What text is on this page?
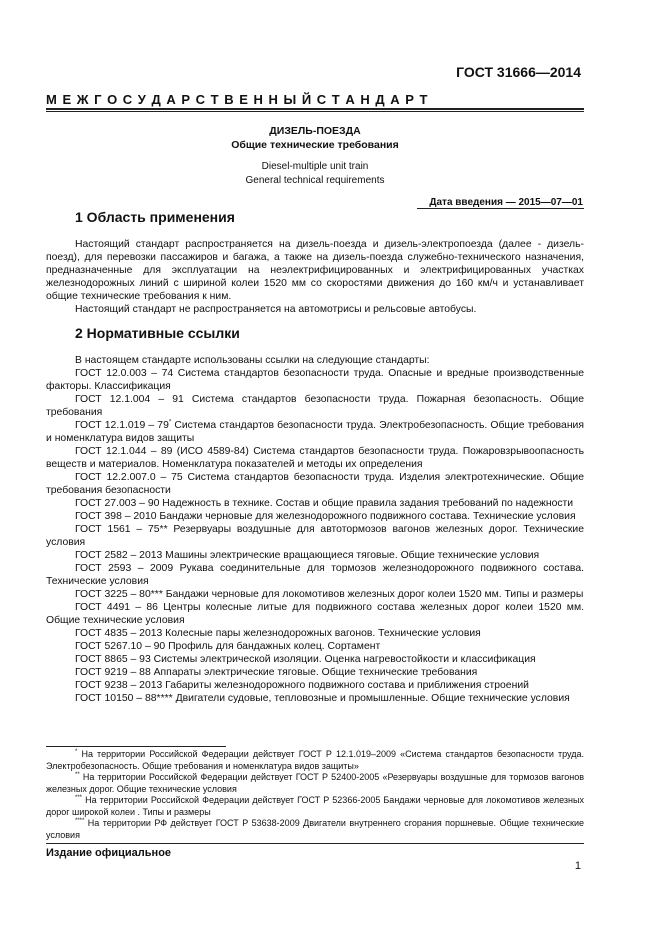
ГОСТ 31666—2014
М Е Ж Г О С У Д А Р С Т В Е Н Н Ы Й С Т А Н Д А Р Т
ДИЗЕЛЬ-ПОЕЗДА
Общие технические требования
Diesel-multiple unit train
General technical requirements
Дата введения — 2015—07—01
1 Область применения

Настоящий стандарт распространяется на дизель-поезда и дизель-электропоезда (далее - дизель-поезд), для перевозки пассажиров и багажа, а также на дизель-поезда служебно-технического назначения, предназначенные для эксплуатации на неэлектрифицированных и электрифицированных участках железнодорожных линий с шириной колеи 1520 мм со скоростями движения до 160 км/ч и устанавливает общие технические требования к ним.

Настоящий стандарт не распространяется на автомотрисы и рельсовые автобусы.

2 Нормативные ссылки

В настоящем стандарте использованы ссылки на следующие стандарты:

ГОСТ 12.0.003 – 74 Система стандартов безопасности труда. Опасные и вредные производственные факторы. Классификация

ГОСТ 12.1.004 – 91 Система стандартов безопасности труда. Пожарная безопасность. Общие требования

ГОСТ 12.1.019 – 79* Система стандартов безопасности труда. Электробезопасность. Общие требования и номенклатура видов защиты

ГОСТ 12.1.044 – 89 (ИСО 4589-84) Система стандартов безопасности труда. Пожаровзрывоопасность веществ и материалов. Номенклатура показателей и методы их определения

ГОСТ 12.2.007.0 – 75 Система стандартов безопасности труда. Изделия электротехнические. Общие требования безопасности

ГОСТ 27.003 – 90 Надежность в технике. Состав и общие правила задания требований по надежности

ГОСТ 398 – 2010 Бандажи черновые для железнодорожного подвижного состава. Технические условия

ГОСТ 1561 – 75** Резервуары воздушные для автотормозов вагонов железных дорог. Технические условия

ГОСТ 2582 – 2013 Машины электрические вращающиеся тяговые. Общие технические условия

ГОСТ 2593 – 2009 Рукава соединительные для тормозов железнодорожного подвижного состава. Технические условия

ГОСТ 3225 – 80*** Бандажи черновые для локомотивов железных дорог колеи 1520 мм. Типы и размеры

ГОСТ 4491 – 86 Центры колесные литые для подвижного состава железных дорог колеи 1520 мм. Общие технические условия

ГОСТ 4835 – 2013 Колесные пары железнодорожных вагонов. Технические условия

ГОСТ 5267.10 – 90 Профиль для бандажных колец. Сортамент

ГОСТ 8865 – 93 Системы электрической изоляции. Оценка нагревостойкости и классификация

ГОСТ 9219 – 88 Аппараты электрические тяговые. Общие технические требования

ГОСТ 9238 – 2013 Габариты железнодорожного подвижного состава и приближения строений

ГОСТ 10150 – 88**** Двигатели судовые, тепловозные и промышленные. Общие технические условия

* На территории Российской Федерации действует ГОСТ Р 12.1.019–2009 «Система стандартов безопасности труда. Электробезопасность. Общие требования и номенклатура видов защиты»

** На территории Российской Федерации действует ГОСТ Р 52400-2005 «Резервуары воздушные для тормозов вагонов железных дорог. Общие технические условия

*** На территории Российской Федерации действует ГОСТ Р 52366-2005 Бандажи черновые для локомотивов железных дорог широкой колеи . Типы и размеры

**** На территории РФ действует ГОСТ Р 53638-2009 Двигатели внутреннего сгорания поршневые. Общие технические условия

Издание официальное
1
